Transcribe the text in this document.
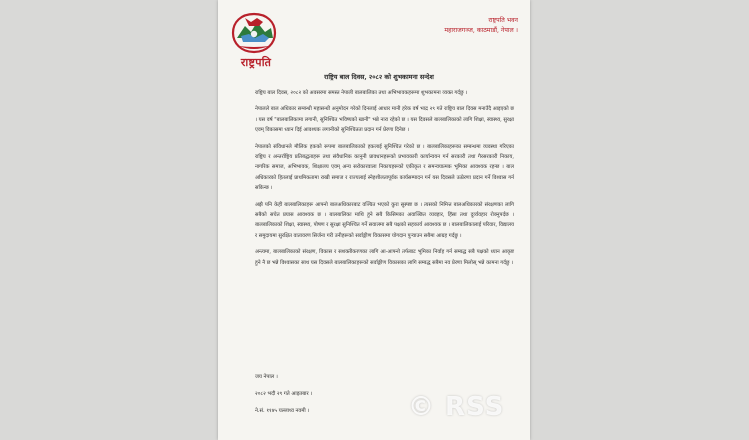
राष्ट्रपति
राष्ट्रपति भवन
महाराजगञ्ज, काठमाडौं, नेपाल ।
राष्ट्रिय बाल दिवस, २०८२ को शुभकामना सन्देश

राष्ट्रिय बाल दिवस, २०८२ को अवसरमा समस्त नेपाली बालबालिका तथा अभिभावकहरूमा शुभकामना व्यक्त गर्दछु ।

नेपालले बाल अधिकार सम्बन्धी महासन्धी अनुमोदन गरेको दिनलाई आधार मानी हरेक वर्ष भाद्र २९ गते राष्ट्रिय बाल दिवस मनाउँदै आइएको छ । यस वर्ष "बालबालिकामा लगानी, सुनिश्चित भविष्यको खानी" भन्ने नारा रहेको छ । यस दिवसले बालबालिकाको लागि शिक्षा, स्वास्थ्य, सुरक्षा एवम् विकासमा ध्यान दिई आवश्यक लगानीको सुनिश्चितता प्रदान गर्न प्रेरणा दिनेछ ।

नेपालको संविधानले मौलिक हकको रूपमा बालबालिकाको हकलाई सुनिश्चित गरेको छ । बालबालिकाहरूका सम्बन्धमा व्यवस्था गरिएका राष्ट्रिय र अन्तर्राष्ट्रिय प्रतिबद्धताहरू तथा संवैधानिक कानुनी प्रावधानहरूको प्रभावकारी कार्यान्वयन गर्न सरकारी तथा गैरसरकारी निकाय, नागरिक समाज, अभिभावक, शिक्षालय एवम् अन्य सरोकारवाला निकायहरूको एकीकृत र समन्वयात्मक भूमिका आवश्यक रहन्छ । बाल अधिकारको हितलाई प्राथमिकतामा राखी समाज र राज्यलाई स्नेहशीलतापूर्वक कार्यसम्पादन गर्न यस दिवसले उत्प्रेरणा प्रदान गर्ने विश्वास गर्न सकिन्छ ।

अझै पनि केही बालबालिकाहरू आफ्नो बालअधिकारबाट वञ्चित भएको कुरा सुस्पष्ट छ । त्यसको निमित्त बालअधिकारको संरक्षणका लागि सबैको सचेत प्रयास आवश्यक छ । बालबालिका माथि हुने सबै किसिमका अवाञ्छित व्यवहार, हिंसा तथा दुर्व्यवहार रोक्नुपर्दछ । बालबालिकाको शिक्षा, स्वास्थ्य, पोषण र सुरक्षा सुनिश्चित गर्ने सवालमा सबै पक्षको सहकार्य आवश्यक छ । बालबालिकालाई परिवार, विद्यालय र समुदायमा सुरक्षित वातावरण सिर्जना गरी उनीहरूको सर्वाङ्गीण विकासमा योगदान पुऱ्याउन सबैमा आग्रह गर्दछु ।

अन्त्यमा, बालबालिकाको संरक्षण, विकास र सशक्तीकरणका लागि आ-आफ्नो तर्फबाट भूमिका निर्वाह गर्न सम्बद्ध सबै पक्षको ध्यान आकृष्ट हुने नै छ भन्ने विश्वासका साथ यस दिवसले बालबालिकाहरूको सर्वाङ्गीण विकासका लागि सम्बद्ध सबैमा नव प्रेरणा मिलोस् भन्ने कामना गर्दछु ।

जय नेपाल ।
२०८२ भदौ २९ गते आइतबार ।
ने.सं. ११४५ यल्लाथ्व नवमी ।	© RSS
